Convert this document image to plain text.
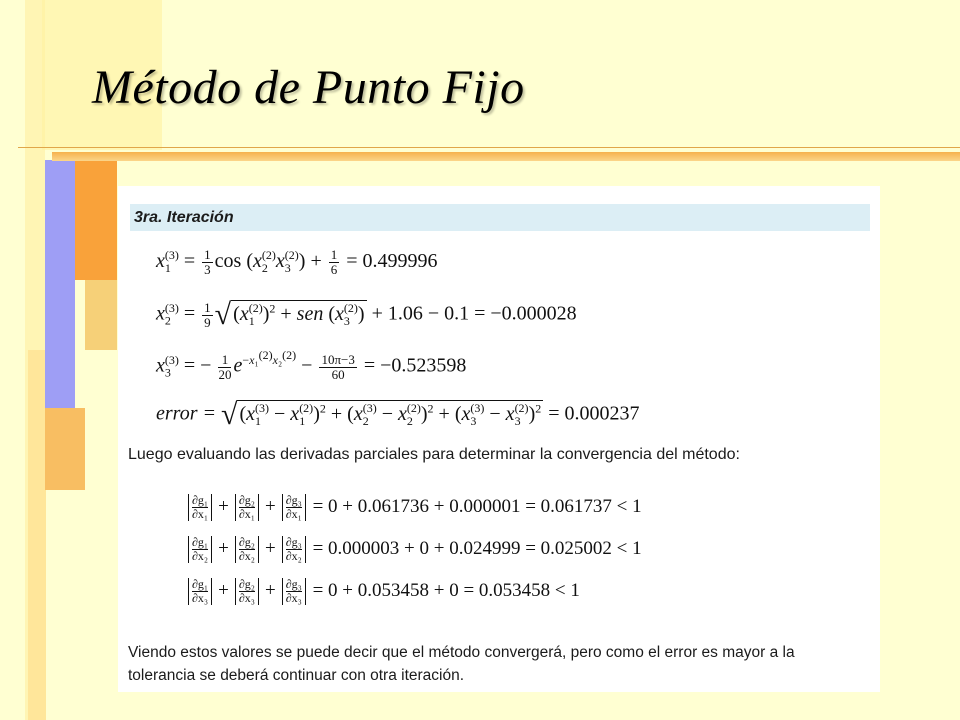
Método de Punto Fijo
3ra. Iteración
$x_1^{(3)} = \frac{1}{3}$ $\cos (x_2^{(2)}x_3^{(2)}) + \frac{1}{6} = 0.499996$
$x_2^{(3)} = \frac{1}{9}$ √ $(x_1^{(2)})^2$ + sen $(x_3^{(2)}) + 1.06 - 0.1 = -0.000028$
$x_3^{(3)}$ = − $\frac{1}{20} e^{-x_1^{(2)}x_2^{(2)}} - \frac{10\pi-3}{60} = -0.523598$
error = √ $(x_1^{(3)} - x_1^{(2)})^2 + (x_2^{(3)} - x_2^{(2)})^2 + (x_3^{(3)} - x_3^{(2)})^2 = 0.000237$
Luego evaluando las derivadas parciales para determinar la convergencia del método:
$\frac{\text{∂g₁}}{\text{∂x₁}} + \frac{\text{∂g₂}}{\text{∂x₁}} + \frac{\text{∂g₃}}{\text{∂x₁}} = 0 + 0.061736 + 0.000001 = 0.061737 < 1$
$\frac{\text{∂g₁}}{\text{∂x₂}} + \frac{\text{∂g₂}}{\text{∂x₂}} + \frac{\text{∂g₃}}{\text{∂x₂}} = 0.000003 + 0 + 0.024999 = 0.025002 < 1$
$\frac{\text{∂g₁}}{\text{∂x₃}} + \frac{\text{∂g₂}}{\text{∂x₃}} + \frac{\text{∂g₃}}{\text{∂x₃}} = 0 + 0.053458 + 0 = 0.053458 < 1$
Viendo estos valores se puede decir que el método convergerá, pero como el error es mayor a la
tolerancia se deberá continuar con otra iteración.
